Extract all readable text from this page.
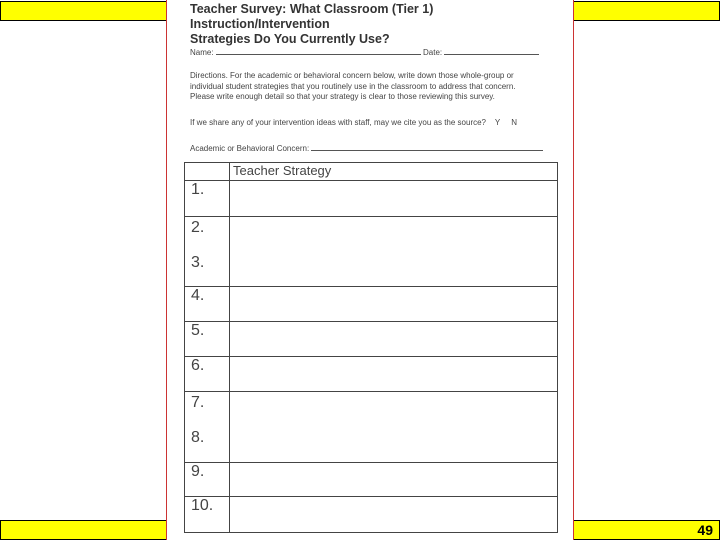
49
Teacher Survey: What Classroom (Tier 1) Instruction/Intervention
Strategies Do You Currently Use?
Name:	Date:
Directions. For the academic or behavioral concern below, write down those whole-group or
individual student strategies that you routinely use in the classroom to address that concern.
Please write enough detail so that your strategy is clear to those reviewing this survey.
If we share any of your intervention ideas with staff, may we cite you as the source? Y N
Academic or Behavioral Concern:
	Teacher Strategy

1.	

2.
3.	

4.	

5.	

6.	

7.
8.	

9.	

10.	
